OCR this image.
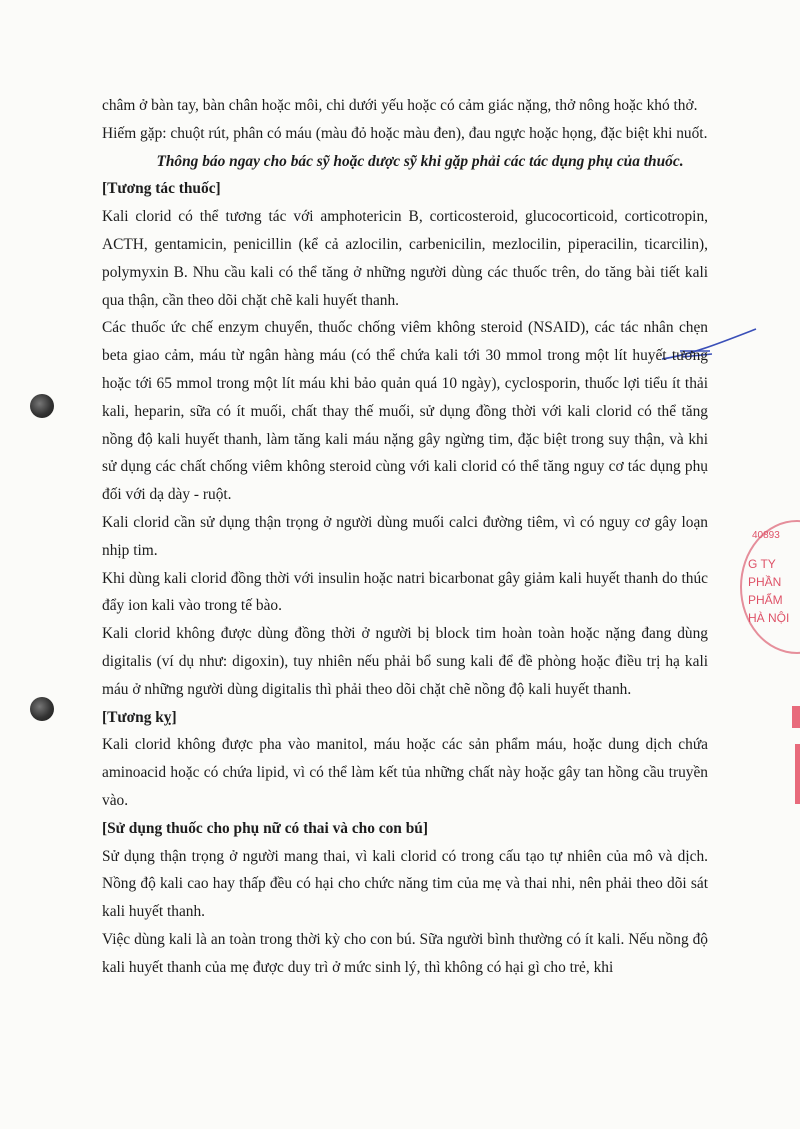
40893
G TY
PHẦN
PHẨM
HÀ NỘI

châm ở bàn tay, bàn chân hoặc môi, chi dưới yếu hoặc có cảm giác nặng, thở nông hoặc khó thở.

Hiếm gặp: chuột rút, phân có máu (màu đỏ hoặc màu đen), đau ngực hoặc họng, đặc biệt khi nuốt.

Thông báo ngay cho bác sỹ hoặc dược sỹ khi gặp phải các tác dụng phụ của thuốc.

[Tương tác thuốc]

Kali clorid có thể tương tác với amphotericin B, corticosteroid, glucocorticoid, corticotropin, ACTH, gentamicin, penicillin (kể cả azlocilin, carbenicilin, mezlocilin, piperacilin, ticarcilin), polymyxin B. Nhu cầu kali có thể tăng ở những người dùng các thuốc trên, do tăng bài tiết kali qua thận, cần theo dõi chặt chẽ kali huyết thanh.

Các thuốc ức chế enzym chuyển, thuốc chống viêm không steroid (NSAID), các tác nhân chẹn beta giao cảm, máu từ ngân hàng máu (có thể chứa kali tới 30 mmol trong một lít huyết tương hoặc tới 65 mmol trong một lít máu khi bảo quản quá 10 ngày), cyclosporin, thuốc lợi tiểu ít thải kali, heparin, sữa có ít muối, chất thay thế muối, sử dụng đồng thời với kali clorid có thể tăng nồng độ kali huyết thanh, làm tăng kali máu nặng gây ngừng tim, đặc biệt trong suy thận, và khi sử dụng các chất chống viêm không steroid cùng với kali clorid có thể tăng nguy cơ tác dụng phụ đối với dạ dày - ruột.

Kali clorid cần sử dụng thận trọng ở người dùng muối calci đường tiêm, vì có nguy cơ gây loạn nhịp tim.

Khi dùng kali clorid đồng thời với insulin hoặc natri bicarbonat gây giảm kali huyết thanh do thúc đẩy ion kali vào trong tế bào.

Kali clorid không được dùng đồng thời ở người bị block tim hoàn toàn hoặc nặng đang dùng digitalis (ví dụ như: digoxin), tuy nhiên nếu phải bổ sung kali để đề phòng hoặc điều trị hạ kali máu ở những người dùng digitalis thì phải theo dõi chặt chẽ nồng độ kali huyết thanh.

[Tương kỵ]

Kali clorid không được pha vào manitol, máu hoặc các sản phẩm máu, hoặc dung dịch chứa aminoacid hoặc có chứa lipid, vì có thể làm kết tủa những chất này hoặc gây tan hồng cầu truyền vào.

[Sử dụng thuốc cho phụ nữ có thai và cho con bú]

Sử dụng thận trọng ở người mang thai, vì kali clorid có trong cấu tạo tự nhiên của mô và dịch. Nồng độ kali cao hay thấp đều có hại cho chức năng tim của mẹ và thai nhi, nên phải theo dõi sát kali huyết thanh.

Việc dùng kali là an toàn trong thời kỳ cho con bú. Sữa người bình thường có ít kali. Nếu nồng độ kali huyết thanh của mẹ được duy trì ở mức sinh lý, thì không có hại gì cho trẻ, khi
